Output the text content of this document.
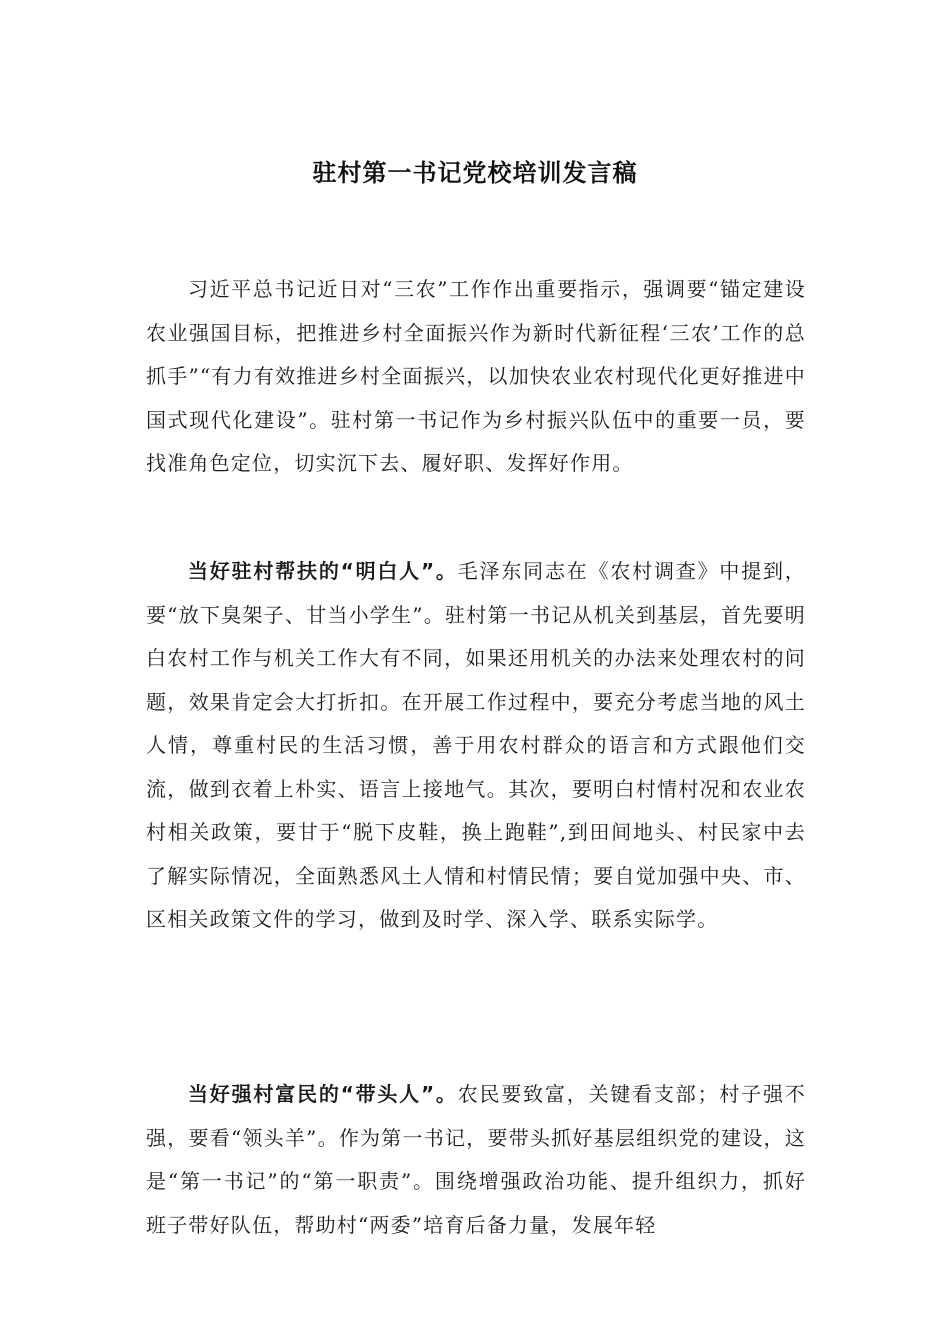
驻村第一书记党校培训发言稿

习近平总书记近日对“三农”工作作出重要指示，强调要“锚定建设农业强国目标，把推进乡村全面振兴作为新时代新征程‘三农’工作的总抓手”“有力有效推进乡村全面振兴，以加快农业农村现代化更好推进中国式现代化建设”。驻村第一书记作为乡村振兴队伍中的重要一员，要找准角色定位，切实沉下去、履好职、发挥好作用。

当好驻村帮扶的“明白人”。毛泽东同志在《农村调查》中提到，要“放下臭架子、甘当小学生”。驻村第一书记从机关到基层，首先要明白农村工作与机关工作大有不同，如果还用机关的办法来处理农村的问题，效果肯定会大打折扣。在开展工作过程中，要充分考虑当地的风土人情，尊重村民的生活习惯，善于用农村群众的语言和方式跟他们交流，做到衣着上朴实、语言上接地气。其次，要明白村情村况和农业农村相关政策，要甘于“脱下皮鞋，换上跑鞋”,到田间地头、村民家中去了解实际情况，全面熟悉风土人情和村情民情；要自觉加强中央、市、区相关政策文件的学习，做到及时学、深入学、联系实际学。

当好强村富民的“带头人”。农民要致富，关键看支部；村子强不强，要看“领头羊”。作为第一书记，要带头抓好基层组织党的建设，这是“第一书记”的“第一职责”。围绕增强政治功能、提升组织力，抓好班子带好队伍，帮助村“两委”培育后备力量，发展年轻
